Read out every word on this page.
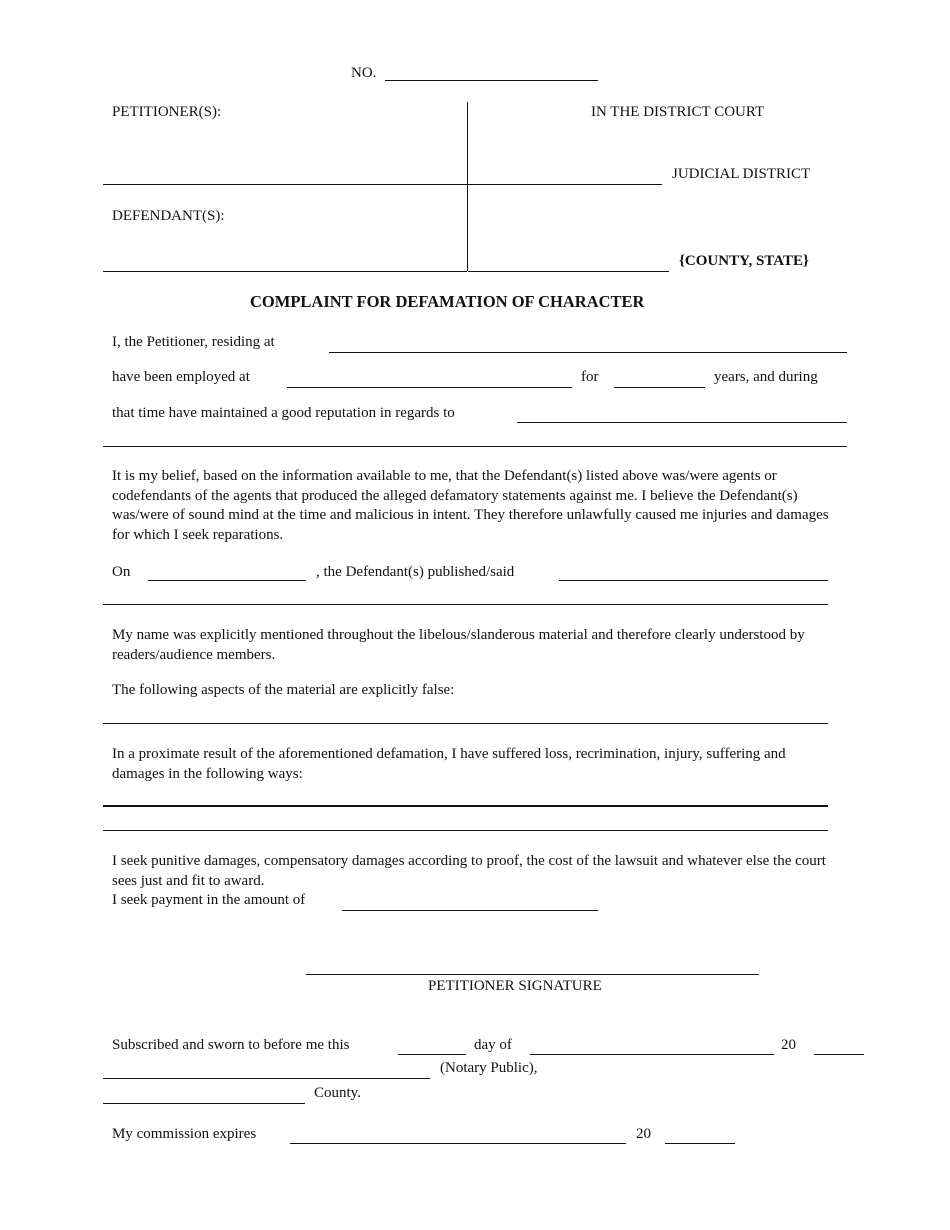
NO.
PETITIONER(S):	IN THE DISTRICT COURT
JUDICIAL DISTRICT
DEFENDANT(S):
{COUNTY, STATE}
COMPLAINT FOR DEFAMATION OF CHARACTER
I, the Petitioner, residing at
have been employed at	for	years, and during
that time have maintained a good reputation in regards to
It is my belief, based on the information available to me, that the Defendant(s) listed above was/were agents or codefendants of the agents that produced the alleged defamatory statements against me. I believe the Defendant(s) was/were of sound mind at the time and malicious in intent. They therefore unlawfully caused me injuries and damages for which I seek reparations.
On	, the Defendant(s) published/said
My name was explicitly mentioned throughout the libelous/slanderous material and therefore clearly understood by readers/audience members.
The following aspects of the material are explicitly false:
In a proximate result of the aforementioned defamation, I have suffered loss, recrimination, injury, suffering and damages in the following ways:
I seek punitive damages, compensatory damages according to proof, the cost of the lawsuit and whatever else the court sees just and fit to award.
I seek payment in the amount of
PETITIONER SIGNATURE
Subscribed and sworn to before me this	day of	20
(Notary Public),
County.
My commission expires	20
